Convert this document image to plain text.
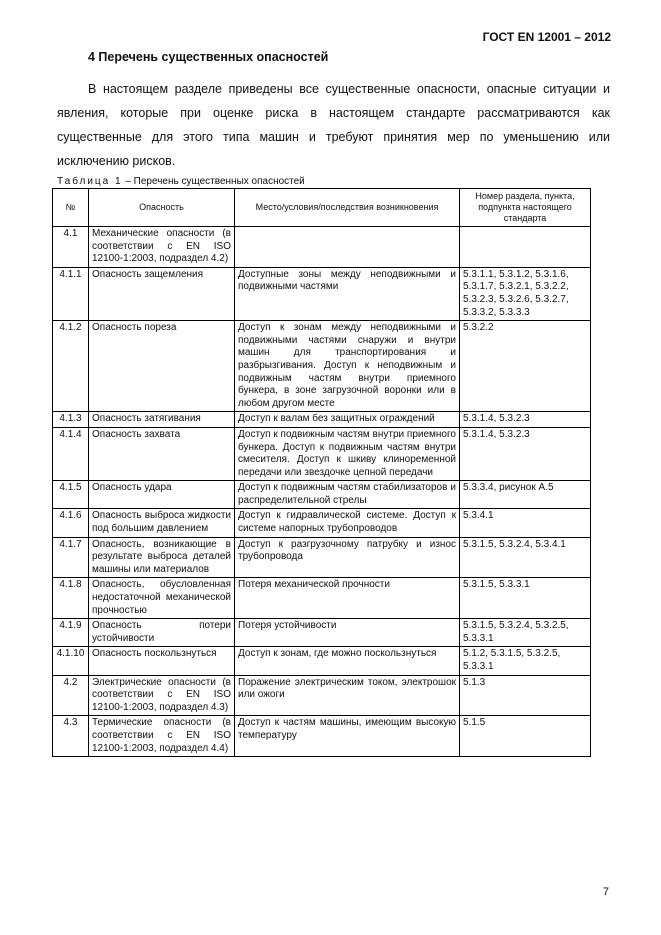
ГОСТ EN 12001 – 2012
4 Перечень существенных опасностей

В настоящем разделе приведены все существенные опасности, опасные ситуации и явления, которые при оценке риска в настоящем стандарте рассматриваются как существенные для этого типа машин и требуют принятия мер по уменьшению или исключению рисков.

Таблица 1 – Перечень существенных опасностей
№	Опасность	Место/условия/последствия возникновения	Номер раздела, пункта, подпункта настоящего стандарта
4.1	Механические опасности (в соответствии с EN ISO 12100-1:2003, подраздел 4.2)		
4.1.1	Опасность защемления	Доступные зоны между неподвижными и подвижными частями	5.3.1.1, 5.3.1.2, 5.3.1.6, 5.3.1.7, 5.3.2.1, 5.3.2.2, 5.3.2.3, 5.3.2.6, 5.3.2.7, 5.3.3.2, 5.3.3.3
4.1.2	Опасность пореза	Доступ к зонам между неподвижными и подвижными частями снаружи и внутри машин для транспортирования и разбрызгивания. Доступ к неподвижным и подвижным частям внутри приемного бункера, в зоне загрузочной воронки или в любом другом месте	5.3.2.2
4.1.3	Опасность затягивания	Доступ к валам без защитных ограждений	5.3.1.4, 5.3.2.3
4.1.4	Опасность захвата	Доступ к подвижным частям внутри приемного бункера. Доступ к подвижным частям внутри смесителя. Доступ к шкиву клиноременной передачи или звездочке цепной передачи	5.3.1.4, 5.3.2.3
4.1.5	Опасность удара	Доступ к подвижным частям стабилизаторов и распределительной стрелы	5.3.3.4, рисунок А.5
4.1.6	Опасность выброса жидкости под большим давлением	Доступ к гидравлической системе. Доступ к системе напорных трубопроводов	5.3.4.1
4.1.7	Опасность, возникающие в результате выброса деталей машины или материалов	Доступ к разгрузочному патрубку и износ трубопровода	5.3.1.5, 5.3.2.4, 5.3.4.1
4.1.8	Опасность, обусловленная недостаточной механической прочностью	Потеря механической прочности	5.3.1.5, 5.3.3.1
4.1.9	Опасность потери устойчивости	Потеря устойчивости	5.3.1.5, 5.3.2.4, 5.3.2.5, 5.3.3.1
4.1.10	Опасность поскользнуться	Доступ к зонам, где можно поскользнуться	5.1.2, 5.3.1.5, 5.3.2.5, 5.3.3.1
4.2	Электрические опасности (в соответствии с EN ISO 12100-1:2003, подраздел 4.3)	Поражение электрическим током, электрошок или ожоги	5.1.3
4.3	Термические опасности (в соответствии с EN ISO 12100-1:2003, подраздел 4.4)	Доступ к частям машины, имеющим высокую температуру	5.1.5
7
